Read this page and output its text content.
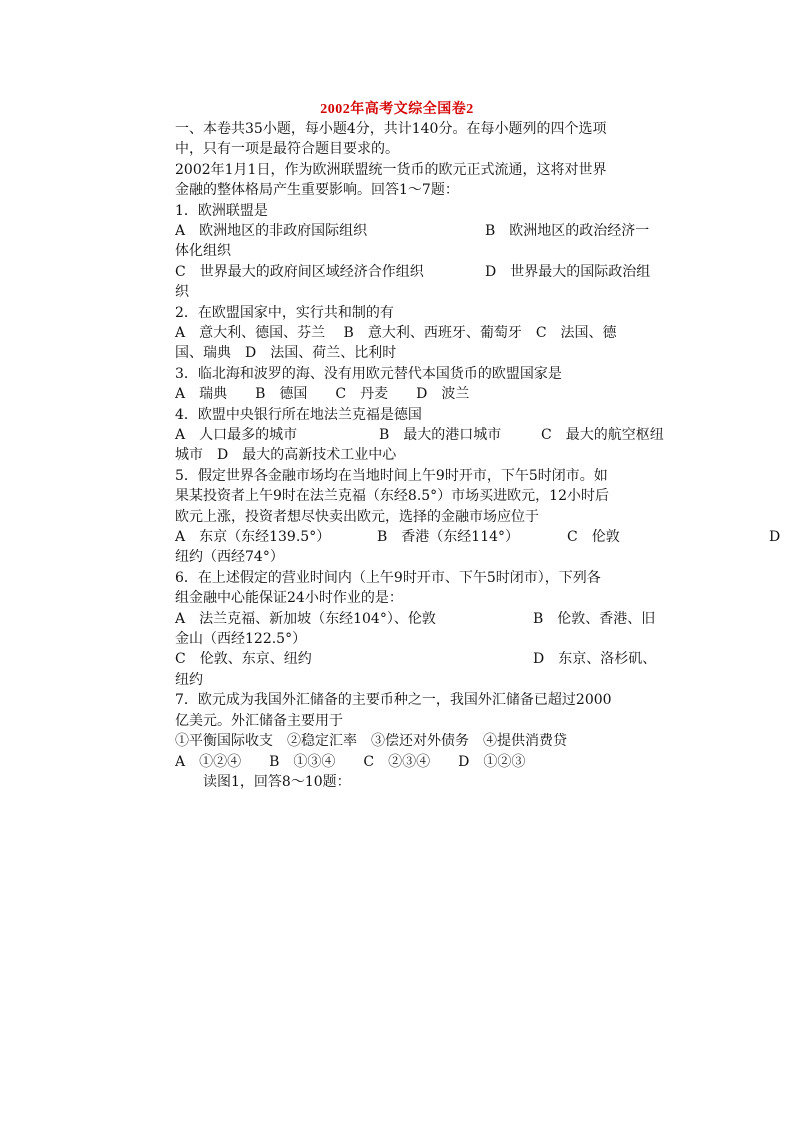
2002年高考文综全国卷2

一、本卷共35小题，每小题4分，共计140分。在每小题列的四个选项

中，只有一项是最符合题目要求的。

2002年1月1日，作为欧洲联盟统一货币的欧元正式流通，这将对世界

金融的整体格局产生重要影响。回答1～7题：

1．欧洲联盟是

A　欧洲地区的非政府国际组织	B　欧洲地区的政治经济一

体化组织

C　世界最大的政府间区域经济合作组织	D　世界最大的国际政治组

织

2．在欧盟国家中，实行共和制的有

A　意大利、德国、芬兰　 B　意大利、西班牙、葡萄牙　C　法国、德

国、瑞典　D　法国、荷兰、比利时

3．临北海和波罗的海、没有用欧元替代本国货币的欧盟国家是

A　瑞典　　B　德国　　C　丹麦　　D　波兰

4．欧盟中央银行所在地法兰克福是德国

A　人口最多的城市	B　最大的港口城市	C　最大的航空枢纽

城市　D　最大的高新技术工业中心

5．假定世界各金融市场均在当地时间上午9时开市，下午5时闭市。如

果某投资者上午9时在法兰克福（东经8.5°）市场买进欧元，12小时后

欧元上涨，投资者想尽快卖出欧元，选择的金融市场应位于

A　东京（东经139.5°）	B　香港（东经114°）	C　伦敦	D

纽约（西经74°）

6．在上述假定的营业时间内（上午9时开市、下午5时闭市），下列各

组金融中心能保证24小时作业的是：

A　法兰克福、新加坡（东经104°）、伦敦	B　伦敦、香港、旧

金山（西经122.5°）

C　伦敦、东京、纽约	D　东京、洛杉矶、

纽约

7．欧元成为我国外汇储备的主要币种之一，我国外汇储备已超过2000

亿美元。外汇储备主要用于

①平衡国际收支　②稳定汇率　③偿还对外债务　④提供消费贷

A　①②④　　B　①③④　　C　②③④　　D　①②③

读图1，回答8～10题：
